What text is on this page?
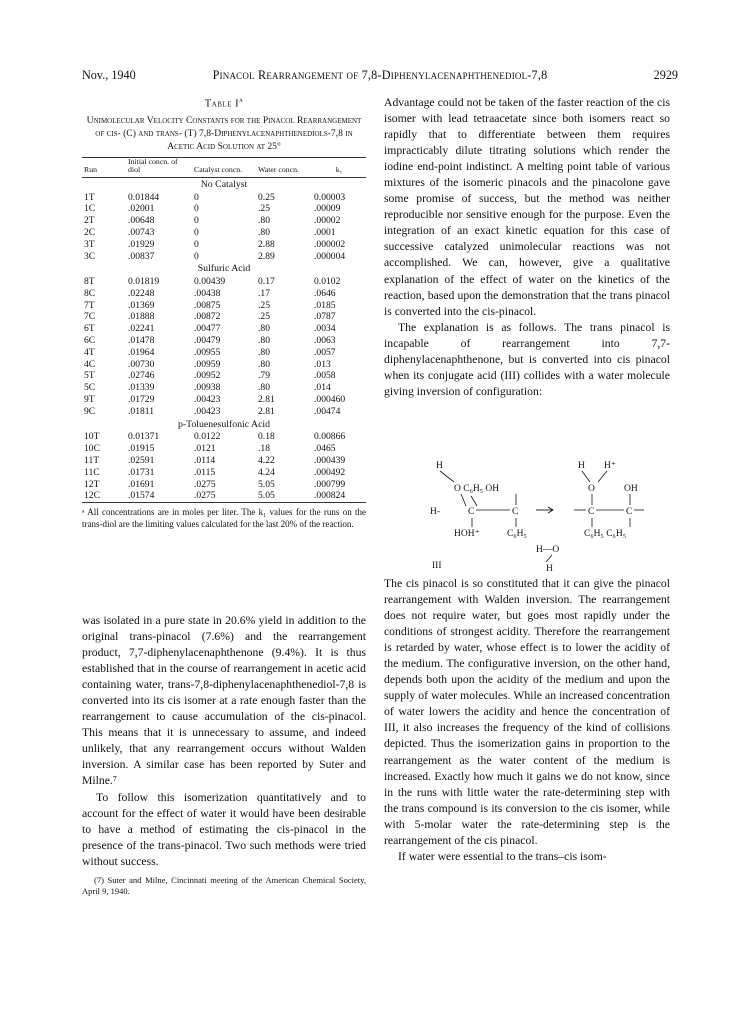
Nov., 1940	Pinacol Rearrangement of 7,8-Diphenylacenaphthenediol-7,8	2929

Table $I^a$

Unimolecular Velocity Constants for the Pinacol Rearrangement of cis- (C) and trans- (T) 7,8-Diphenylacenaphthenediols-7,8 in Acetic Acid Solution at 25°

Run	Initial concn. of diol	Catalyst concn.	Water concn.	k₁
No Catalyst				
1T	0.01844	0	0.25	0.00003
1C	.02001	0	.25	.00009
2T	.00648	0	.80	.00002
2C	.00743	0	.80	.0001
3T	.01929	0	2.88	.000002
3C	.00837	0	2.89	.000004
Sulfuric Acid				
8T	0.01819	0.00439	0.17	0.0102
8C	.02248	.00438	.17	.0646
7T	.01369	.00875	.25	.0185
7C	.01888	.00872	.25	.0787
6T	.02241	.00477	.80	.0034
6C	.01478	.00479	.80	.0063
4T	.01964	.00955	.80	.0057
4C	.00730	.00959	.80	.013
5T	.02746	.00952	.79	.0058
5C	.01339	.00938	.80	.014
9T	.01729	.00423	2.81	.000460
9C	.01811	.00423	2.81	.00474
p-Toluenesulfonic Acid				
10T	0.01371	0.0122	0.18	0.00866
10C	.01915	.0121	.18	.0465
11T	.02591	.0114	4.22	.000439
11C	.01731	.0115	4.24	.000492
12T	.01691	.0275	5.05	.000799
12C	.01574	.0275	5.05	.000824

ᵃ All concentrations are in moles per liter. The k₁ values for the runs on the trans-diol are the limiting values calculated for the last 20% of the reaction.

was isolated in a pure state in 20.6% yield in addition to the original trans-pinacol (7.6%) and the rearrangement product, 7,7-diphenylacenaphthenone (9.4%). It is thus established that in the course of rearrangement in acetic acid containing water, trans-7,8-diphenylacenaphthenediol-7,8 is converted into its cis isomer at a rate enough faster than the rearrangement to cause accumulation of the cis-pinacol. This means that it is unnecessary to assume, and indeed unlikely, that any rearrangement occurs without Walden inversion. A similar case has been reported by Suter and Milne.⁷

To follow this isomerization quantitatively and to account for the effect of water it would have been desirable to have a method of estimating the cis-pinacol in the presence of the trans-pinacol. Two such methods were tried without success.

(7) Suter and Milne, Cincinnati meeting of the American Chemical Society, April 9, 1940.

Advantage could not be taken of the faster reaction of the cis isomer with lead tetraacetate since both isomers react so rapidly that to differentiate between them requires impracticably dilute titrating solutions which render the iodine end-point indistinct. A melting point table of various mixtures of the isomeric pinacols and the pinacolone gave some promise of success, but the method was neither reproducible nor sensitive enough for the purpose. Even the integration of an exact kinetic equation for this case of successive catalyzed unimolecular reactions was not accomplished. We can, however, give a qualitative explanation of the effect of water on the kinetics of the reaction, based upon the demonstration that the trans pinacol is converted into the cis-pinacol.

The explanation is as follows. The trans pinacol is incapable of rearrangement into 7,7-diphenylacenaphthenone, but is converted into cis pinacol when its conjugate acid (III) collides with a water molecule giving inversion of configuration:

H
O C₆H₅ OH
H-	C	C
HOH⁺	C₆H₅
III
H H⁺
O	OH
C	C
C₆H₅ C₆H₅
H—O
H

The cis pinacol is so constituted that it can give the pinacol rearrangement with Walden inversion. The rearrangement does not require water, but goes most rapidly under the conditions of strongest acidity. Therefore the rearrangement is retarded by water, whose effect is to lower the acidity of the medium. The configurative inversion, on the other hand, depends both upon the acidity of the medium and upon the supply of water molecules. While an increased concentration of water lowers the acidity and hence the concentration of III, it also increases the frequency of the kind of collisions depicted. Thus the isomerization gains in proportion to the rearrangement as the water content of the medium is increased. Exactly how much it gains we do not know, since in the runs with little water the rate-determining step with the trans compound is its conversion to the cis isomer, while with 5-molar water the rate-determining step is the rearrangement of the cis pinacol.

If water were essential to the trans–cis isom-
